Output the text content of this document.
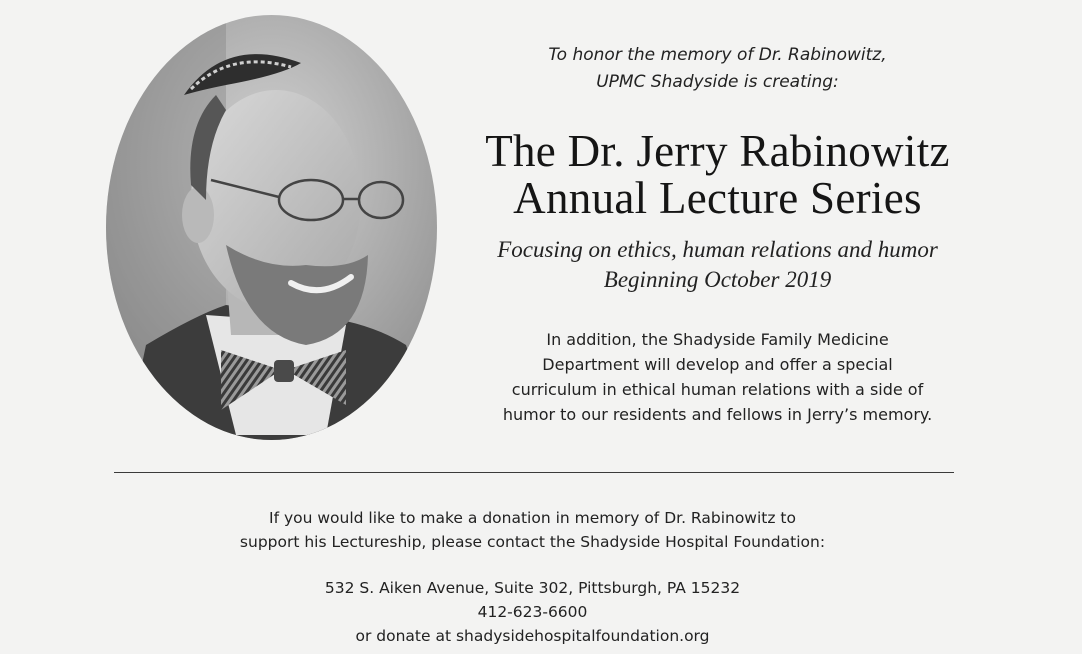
To honor the memory of Dr. Rabinowitz,
UPMC Shadyside is creating:
The Dr. Jerry Rabinowitz
Annual Lecture Series
Focusing on ethics, human relations and humor
Beginning October 2019
In addition, the Shadyside Family Medicine
Department will develop and offer a special
curriculum in ethical human relations with a side of
humor to our residents and fellows in Jerry’s memory.
If you would like to make a donation in memory of Dr. Rabinowitz to
support his Lectureship, please contact the Shadyside Hospital Foundation:
532 S. Aiken Avenue, Suite 302, Pittsburgh, PA 15232
412-623-6600
or donate at shadysidehospitalfoundation.org
